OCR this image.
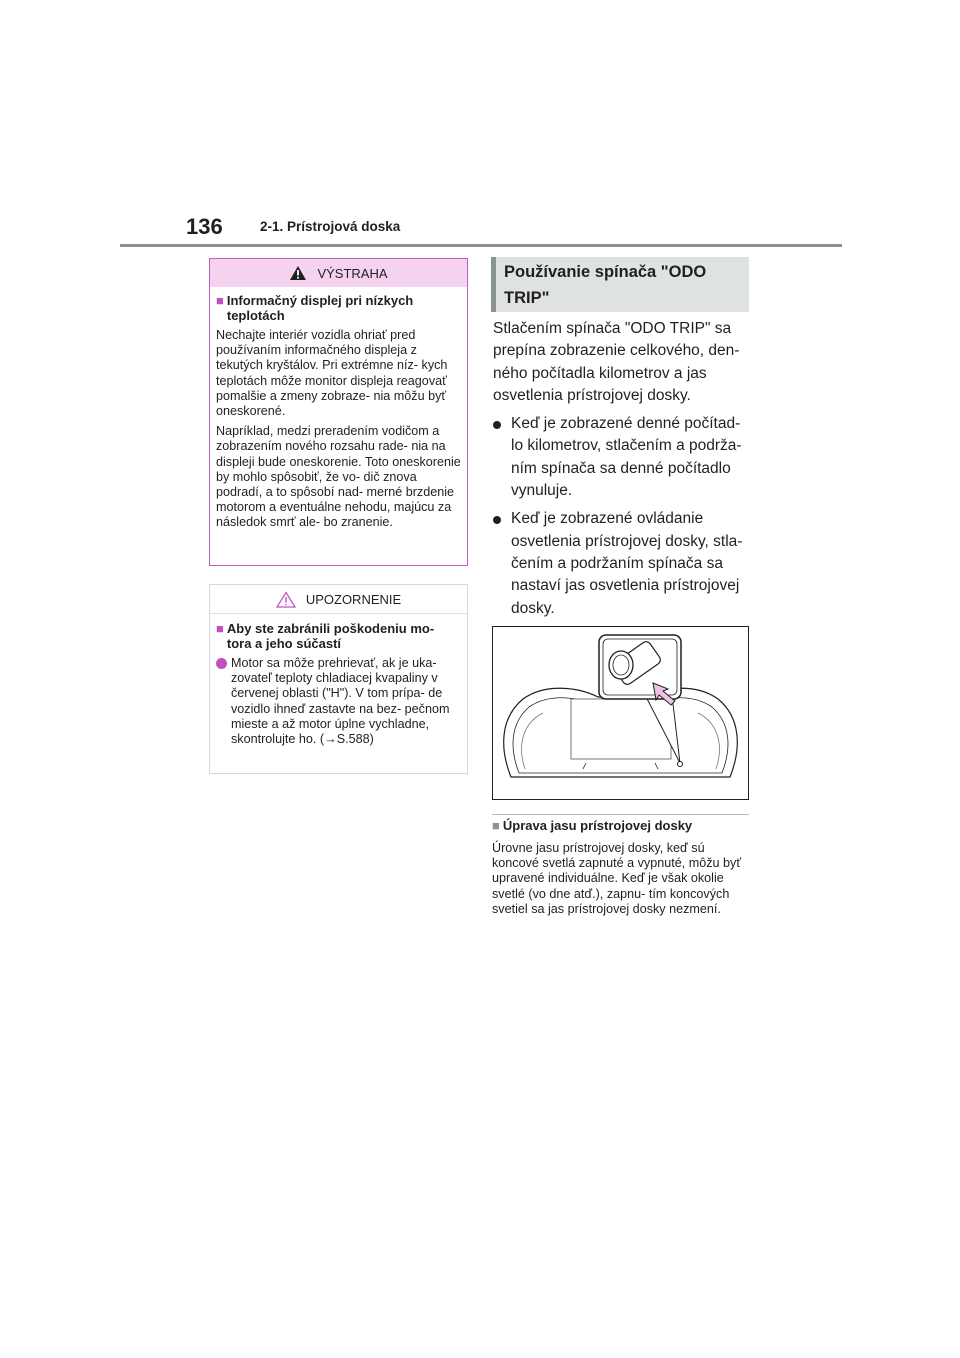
136	2-1. Prístrojová doska
VÝSTRAHA
■ Informačný displej pri nízkych teplotách

Nechajte interiér vozidla ohriať pred používaním informačného displeja z tekutých kryštálov. Pri extrémne níz- kych teplotách môže monitor displeja reagovať pomalšie a zmeny zobraze- nia môžu byť oneskorené.

Napríklad, medzi preradením vodičom a zobrazením nového rozsahu rade- nia na displeji bude oneskorenie. Toto oneskorenie by mohlo spôsobiť, že vo- dič znova podradí, a to spôsobí nad- merné brzdenie motorom a eventuálne nehodu, majúcu za následok smrť ale- bo zranenie.

UPOZORNENIE
■ Aby ste zabránili poškodeniu mo- tora a jeho súčastí
Motor sa môže prehrievať, ak je uka- zovateľ teploty chladiacej kvapaliny v červenej oblasti ("H"). V tom prípa- de vozidlo ihneď zastavte na bez- pečnom mieste a až motor úplne vychladne, skontrolujte ho. (→S.588)
Používanie spínača "ODO TRIP"

Stlačením spínača "ODO TRIP" sa prepína zobrazenie celkového, den- ného počítadla kilometrov a jas osvetlenia prístrojovej dosky.

Keď je zobrazené denné počítad- lo kilometrov, stlačením a podrža- ním spínača sa denné počítadlo vynuluje.
Keď je zobrazené ovládanie osvetlenia prístrojovej dosky, stla- čením a podržaním spínača sa nastaví jas osvetlenia prístrojovej dosky.
■ Úprava jasu prístrojovej dosky

Úrovne jasu prístrojovej dosky, keď sú koncové svetlá zapnuté a vypnuté, môžu byť upravené individuálne. Keď je však okolie svetlé (vo dne atď.), zapnu- tím koncových svetiel sa jas prístrojovej dosky nezmení.
